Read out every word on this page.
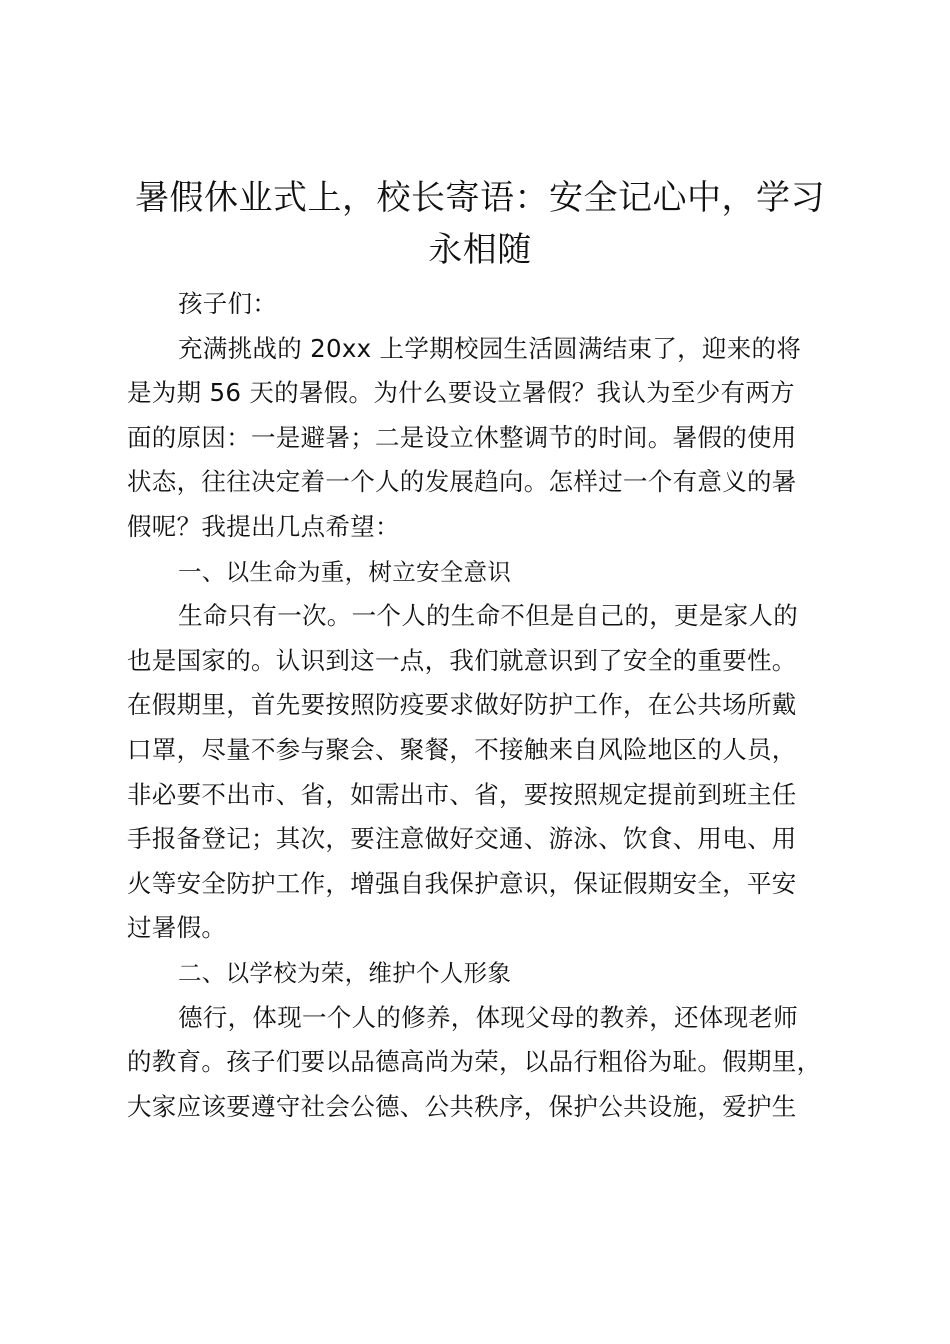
暑假休业式上，校长寄语：安全记心中，学习
永相随

孩子们：

充满挑战的 20xx 上学期校园生活圆满结束了，迎来的将
是为期 56 天的暑假。为什么要设立暑假？我认为至少有两方
面的原因：一是避暑；二是设立休整调节的时间。暑假的使用
状态，往往决定着一个人的发展趋向。怎样过一个有意义的暑
假呢？我提出几点希望：

一、以生命为重，树立安全意识

生命只有一次。一个人的生命不但是自己的，更是家人的
也是国家的。认识到这一点，我们就意识到了安全的重要性。
在假期里，首先要按照防疫要求做好防护工作，在公共场所戴
口罩，尽量不参与聚会、聚餐，不接触来自风险地区的人员，
非必要不出市、省，如需出市、省，要按照规定提前到班主任
手报备登记；其次，要注意做好交通、游泳、饮食、用电、用
火等安全防护工作，增强自我保护意识，保证假期安全，平安
过暑假。

二、以学校为荣，维护个人形象

德行，体现一个人的修养，体现父母的教养，还体现老师
的教育。孩子们要以品德高尚为荣，以品行粗俗为耻。假期里，
大家应该要遵守社会公德、公共秩序，保护公共设施，爱护生
